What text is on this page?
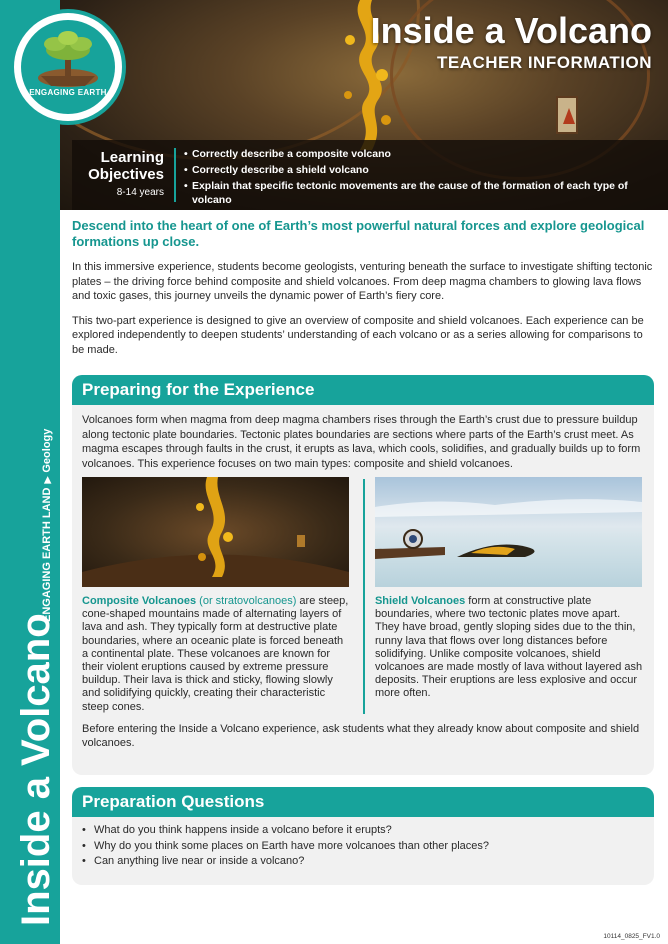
ENGAGING EARTH LAND
▶
Geology
Inside a Volcano
Inside a Volcano
TEACHER INFORMATION
Learning
Objectives
8-14 years
• Correctly describe a composite volcano
• Correctly describe a shield volcano
• Explain that specific tectonic movements are the cause of the formation of each type of volcano
ENGAGING EARTH

Descend into the heart of one of Earth’s most powerful natural forces and explore geological formations up close.

In this immersive experience, students become geologists, venturing beneath the surface to investigate shifting tectonic plates – the driving force behind composite and shield volcanoes. From deep magma chambers to glowing lava flows and toxic gases, this journey unveils the dynamic power of Earth’s fiery core.

This two-part experience is designed to give an overview of composite and shield volcanoes. Each experience can be explored independently to deepen students’ understanding of each volcano or as a series allowing for comparisons to be made.

Preparing for the Experience

Volcanoes form when magma from deep magma chambers rises through the Earth’s crust due to pressure buildup along tectonic plate boundaries. Tectonic plates boundaries are sections where parts of the Earth’s crust meet. As magma escapes through faults in the crust, it erupts as lava, which cools, solidifies, and gradually builds up to form volcanoes. This experience focuses on two main types: composite and shield volcanoes.

Composite Volcanoes (or stratovolcanoes) are steep, cone-shaped mountains made of alternating layers of lava and ash. They typically form at destructive plate boundaries, where an oceanic plate is forced beneath a continental plate. These volcanoes are known for their violent eruptions caused by extreme pressure buildup. Their lava is thick and sticky, flowing slowly and solidifying quickly, creating their characteristic steep cones.

Shield Volcanoes form at constructive plate boundaries, where two tectonic plates move apart. They have broad, gently sloping sides due to the thin, runny lava that flows over long distances before solidifying. Unlike composite volcanoes, shield volcanoes are made mostly of lava without layered ash deposits. Their eruptions are less explosive and occur more often.

Before entering the Inside a Volcano experience, ask students what they already know about composite and shield volcanoes.

Preparation Questions
• What do you think happens inside a volcano before it erupts?
• Why do you think some places on Earth have more volcanoes than other places?
• Can anything live near or inside a volcano?
10114_0825_FV1.0
